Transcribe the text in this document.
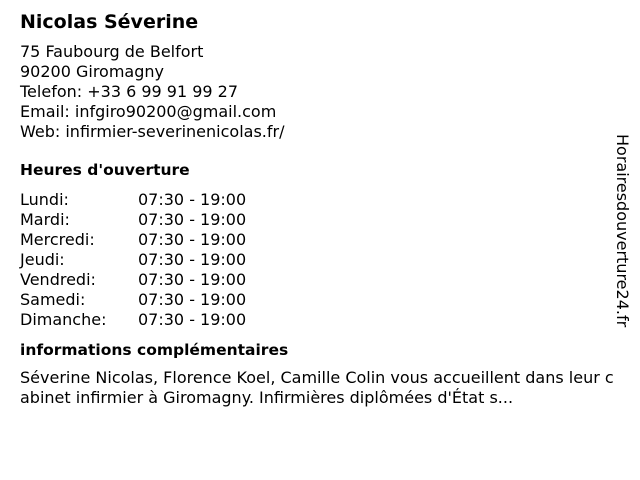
Nicolas Séverine
75 Faubourg de Belfort
90200 Giromagny
Telefon: +33 6 99 91 99 27
Email: infgiro90200@gmail.com
Web: infirmier-severinenicolas.fr/
Heures d'ouverture
Lundi:	07:30 - 19:00
Mardi:	07:30 - 19:00
Mercredi:	07:30 - 19:00
Jeudi:	07:30 - 19:00
Vendredi:	07:30 - 19:00
Samedi:	07:30 - 19:00
Dimanche:	07:30 - 19:00
informations complémentaires
Séverine Nicolas, Florence Koel, Camille Colin vous accueillent dans leur cabinet infirmier à Giromagny. Infirmières diplômées d'État s...
Horairesdouverture24.fr
